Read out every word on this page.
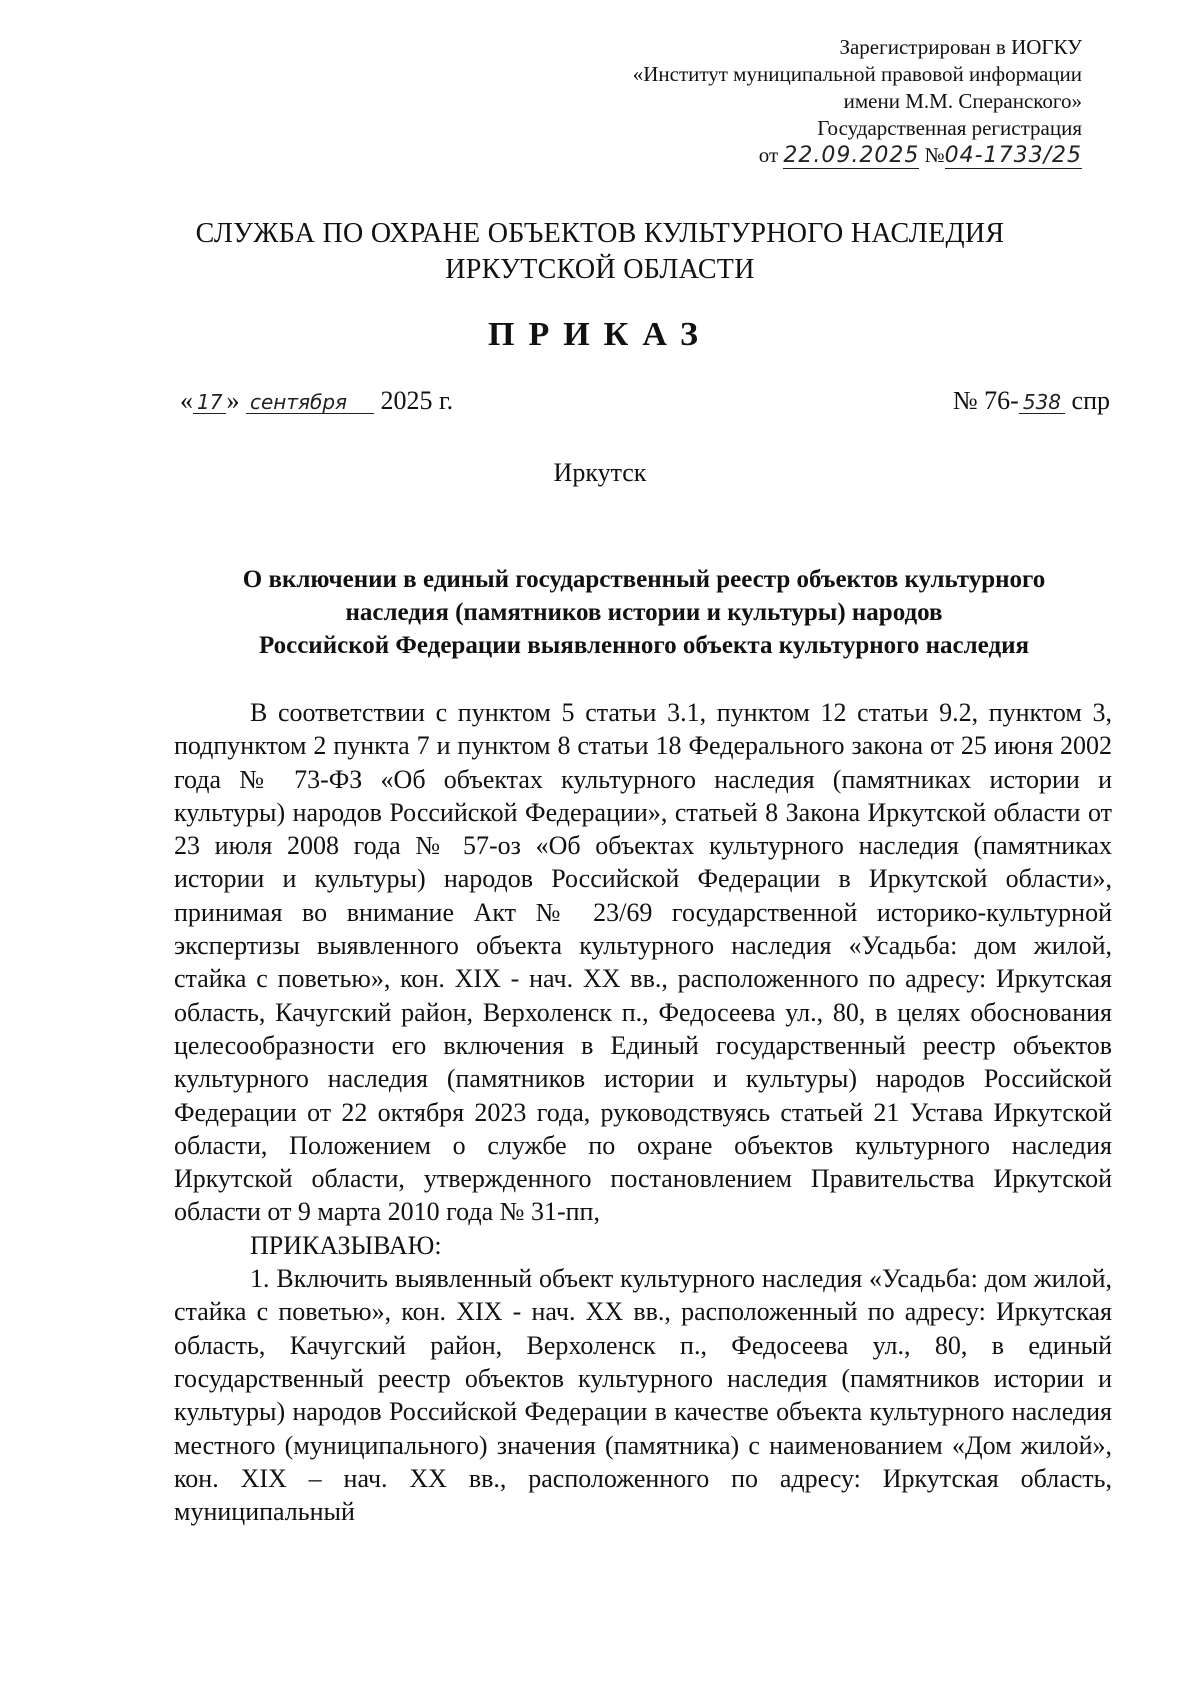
Зарегистрирован в ИОГКУ
«Институт муниципальной правовой информации
имени М.М. Сперанского»
Государственная регистрация
от 22.09.2025 №04-1733/25
СЛУЖБА ПО ОХРАНЕ ОБЪЕКТОВ КУЛЬТУРНОГО НАСЛЕДИЯ
ИРКУТСКОЙ ОБЛАСТИ
ПРИКАЗ
« 17 » сентября 2025 г.	№ 76- 538 спр
Иркутск
О включении в единый государственный реестр объектов культурного
наследия (памятников истории и культуры) народов
Российской Федерации выявленного объекта культурного наследия

В соответствии с пунктом 5 статьи 3.1, пунктом 12 статьи 9.2, пунктом 3, подпунктом 2 пункта 7 и пунктом 8 статьи 18 Федерального закона от 25 июня 2002 года № 73-ФЗ «Об объектах культурного наследия (памятниках истории и культуры) народов Российской Федерации», статьей 8 Закона Иркутской области от 23 июля 2008 года № 57-оз «Об объектах культурного наследия (памятниках истории и культуры) народов Российской Федерации в Иркутской области», принимая во внимание Акт № 23/69 государственной историко-культурной экспертизы выявленного объекта культурного наследия «Усадьба: дом жилой, стайка с поветью», кон. XIX - нач. XX вв., расположенного по адресу: Иркутская область, Качугский район, Верхоленск п., Федосеева ул., 80, в целях обоснования целесообразности его включения в Единый государственный реестр объектов культурного наследия (памятников истории и культуры) народов Российской Федерации от 22 октября 2023 года, руководствуясь статьей 21 Устава Иркутской области, Положением о службе по охране объектов культурного наследия Иркутской области, утвержденного постановлением Правительства Иркутской области от 9 марта 2010 года № 31-пп,

ПРИКАЗЫВАЮ:

1. Включить выявленный объект культурного наследия «Усадьба: дом жилой, стайка с поветью», кон. XIX - нач. XX вв., расположенный по адресу: Иркутская область, Качугский район, Верхоленск п., Федосеева ул., 80, в единый государственный реестр объектов культурного наследия (памятников истории и культуры) народов Российской Федерации в качестве объекта культурного наследия местного (муниципального) значения (памятника) с наименованием «Дом жилой», кон. XIX – нач. XX вв., расположенного по адресу: Иркутская область, муниципальный
